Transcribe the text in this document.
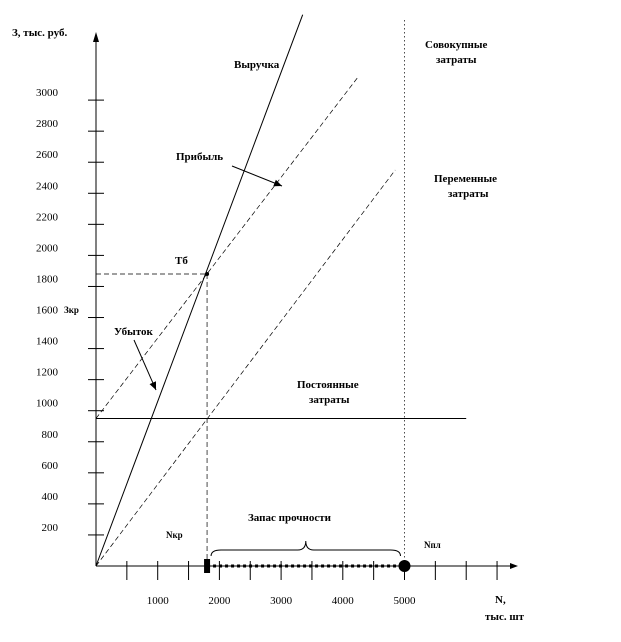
200
400
600
800
1000
1200
1400
1600
1800
2000
2200
2400
2600
2800
3000
1000	2000	3000	4000	5000
З, тыс. руб.
N,
тыс. шт
Выручка
Совокупные
затраты
Переменные
затраты
Постоянные
затраты
Прибыль
Убыток
Тб
Зкр
Nкр
Nпл
Запас прочности
